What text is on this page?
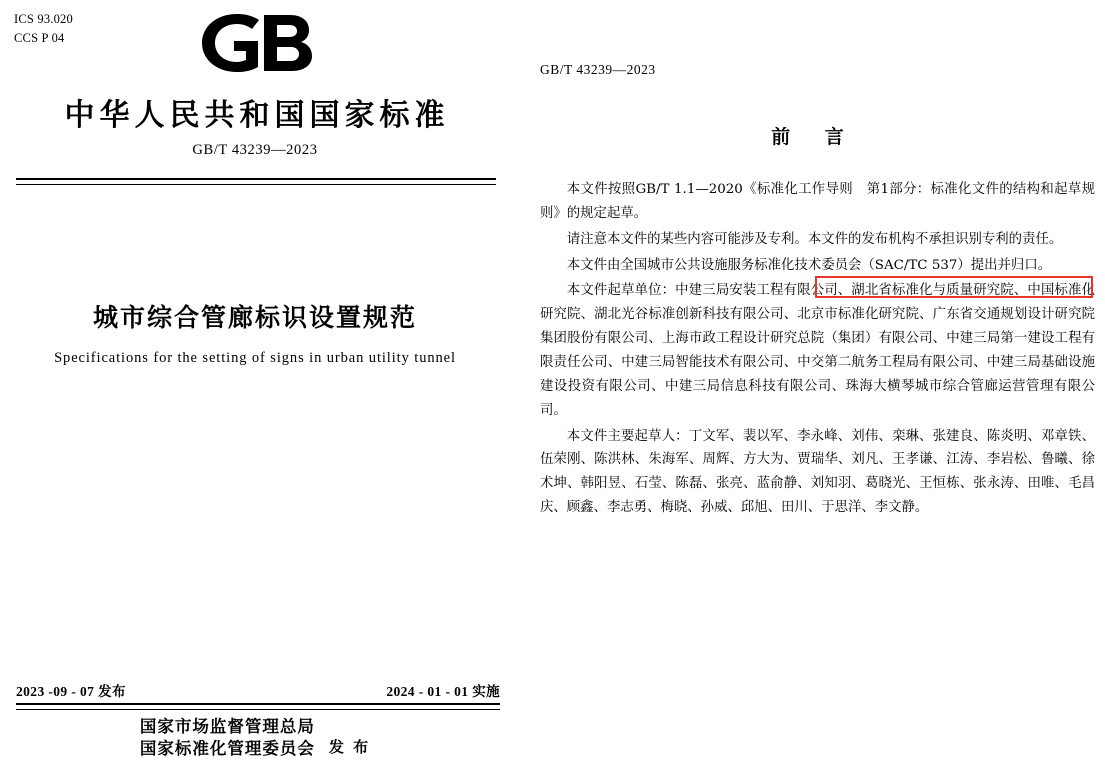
ICS 93.020
CCS P 04
中华人民共和国国家标准
GB/T 43239—2023
城市综合管廊标识设置规范
Specifications for the setting of signs in urban utility tunnel
2023 -09 - 07 发布	2024 - 01 - 01 实施
国家市场监督管理总局
国家标准化管理委员会 发 布
GB/T 43239—2023
前 言

本文件按照GB/T 1.1—2020《标准化工作导则　第1部分：标准化文件的结构和起草规则》的规定起草。

请注意本文件的某些内容可能涉及专利。本文件的发布机构不承担识别专利的责任。

本文件由全国城市公共设施服务标准化技术委员会（SAC/TC 537）提出并归口。

本文件起草单位：中建三局安装工程有限公司、湖北省标准化与质量研究院、中国标准化研究院、湖北光谷标准创新科技有限公司、北京市标准化研究院、广东省交通规划设计研究院集团股份有限公司、上海市政工程设计研究总院（集团）有限公司、中建三局第一建设工程有限责任公司、中建三局智能技术有限公司、中交第二航务工程局有限公司、中建三局基础设施建设投资有限公司、中建三局信息科技有限公司、珠海大横琴城市综合管廊运营管理有限公司。

本文件主要起草人：丁文军、裴以军、李永峰、刘伟、栾琳、张建良、陈炎明、邓章铁、伍荣刚、陈洪林、朱海军、周辉、方大为、贾瑞华、刘凡、王孝谦、江涛、李岩松、鲁曦、徐术坤、韩阳昱、石莹、陈磊、张亮、蓝俞静、刘知羽、葛晓光、王恒栋、张永涛、田唯、毛昌庆、顾鑫、李志勇、梅晓、孙威、邱旭、田川、于思洋、李文静。
